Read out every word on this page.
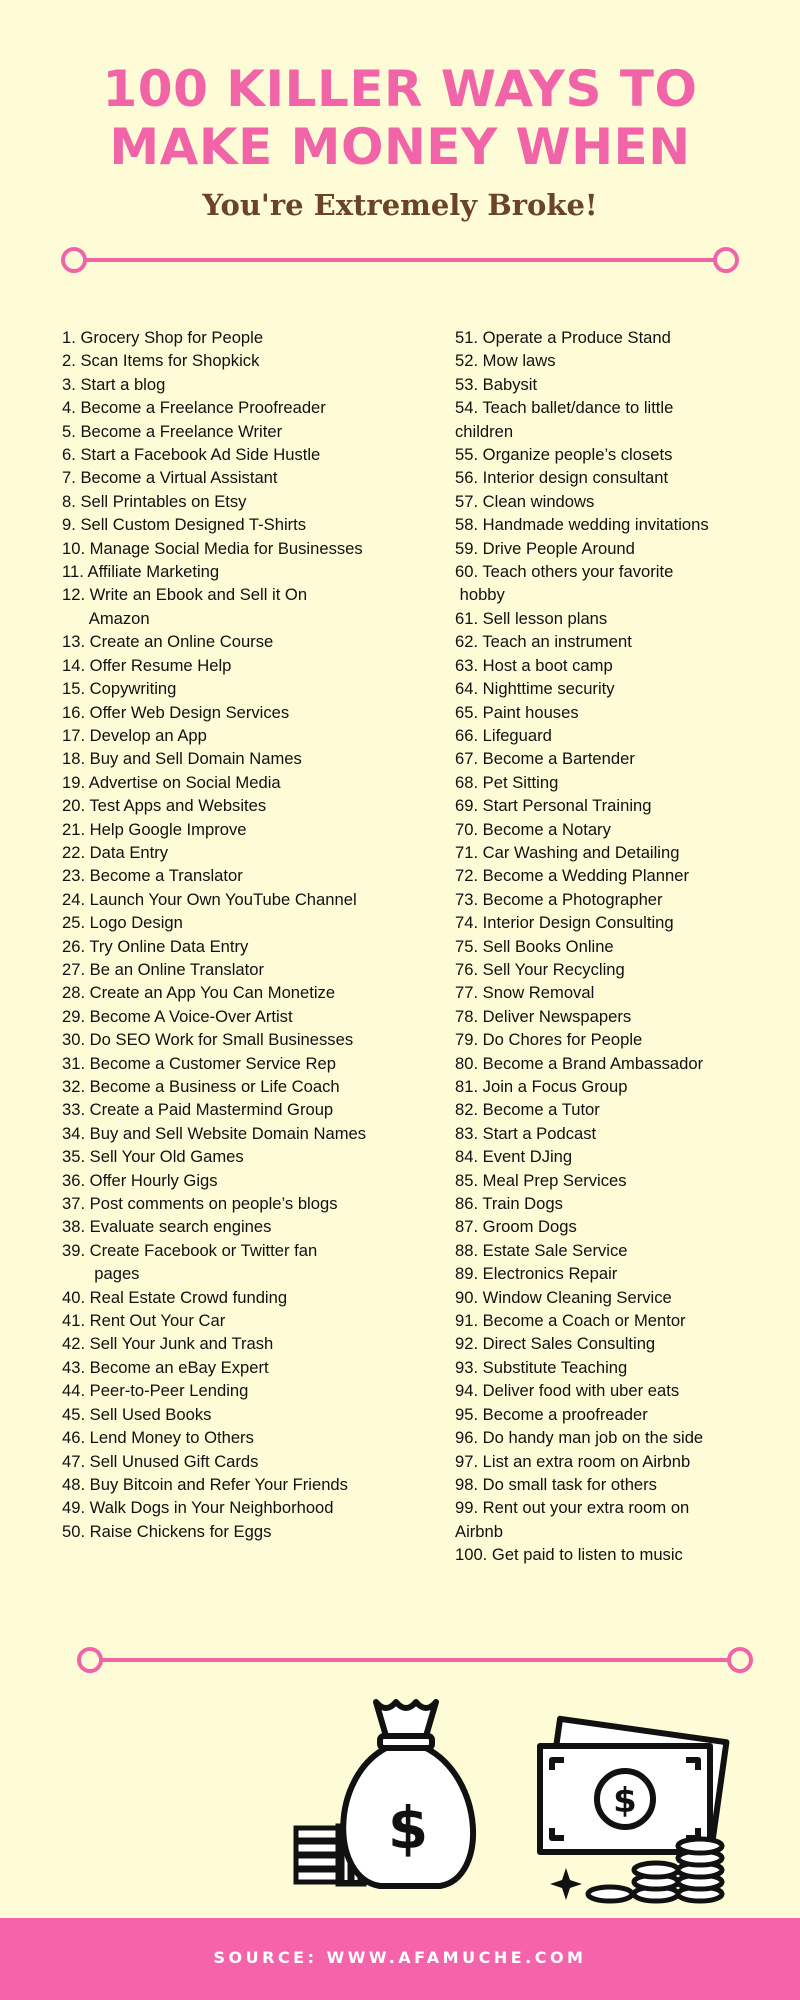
100 KILLER WAYS TO
MAKE MONEY WHEN
You're Extremely Broke!
1. Grocery Shop for People
2. Scan Items for Shopkick
3. Start a blog
4. Become a Freelance Proofreader
5. Become a Freelance Writer
6. Start a Facebook Ad Side Hustle
7. Become a Virtual Assistant
8. Sell Printables on Etsy
9. Sell Custom Designed T-Shirts
10. Manage Social Media for Businesses
11. Affiliate Marketing
12. Write an Ebook and Sell it On
Amazon
13. Create an Online Course
14. Offer Resume Help
15. Copywriting
16. Offer Web Design Services
17. Develop an App
18. Buy and Sell Domain Names
19. Advertise on Social Media
20. Test Apps and Websites
21. Help Google Improve
22. Data Entry
23. Become a Translator
24. Launch Your Own YouTube Channel
25. Logo Design
26. Try Online Data Entry
27. Be an Online Translator
28. Create an App You Can Monetize
29. Become A Voice-Over Artist
30. Do SEO Work for Small Businesses
31. Become a Customer Service Rep
32. Become a Business or Life Coach
33. Create a Paid Mastermind Group
34. Buy and Sell Website Domain Names
35. Sell Your Old Games
36. Offer Hourly Gigs
37. Post comments on people’s blogs
38. Evaluate search engines
39. Create Facebook or Twitter fan
pages
40. Real Estate Crowd funding
41. Rent Out Your Car
42. Sell Your Junk and Trash
43. Become an eBay Expert
44. Peer-to-Peer Lending
45. Sell Used Books
46. Lend Money to Others
47. Sell Unused Gift Cards
48. Buy Bitcoin and Refer Your Friends
49. Walk Dogs in Your Neighborhood
50. Raise Chickens for Eggs
51. Operate a Produce Stand
52. Mow laws
53. Babysit
54. Teach ballet/dance to little
children
55. Organize people’s closets
56. Interior design consultant
57. Clean windows
58. Handmade wedding invitations
59. Drive People Around
60. Teach others your favorite
hobby
61. Sell lesson plans
62. Teach an instrument
63. Host a boot camp
64. Nighttime security
65. Paint houses
66. Lifeguard
67. Become a Bartender
68. Pet Sitting
69. Start Personal Training
70. Become a Notary
71. Car Washing and Detailing
72. Become a Wedding Planner
73. Become a Photographer
74. Interior Design Consulting
75. Sell Books Online
76. Sell Your Recycling
77. Snow Removal
78. Deliver Newspapers
79. Do Chores for People
80. Become a Brand Ambassador
81. Join a Focus Group
82. Become a Tutor
83. Start a Podcast
84. Event DJing
85. Meal Prep Services
86. Train Dogs
87. Groom Dogs
88. Estate Sale Service
89. Electronics Repair
90. Window Cleaning Service
91. Become a Coach or Mentor
92. Direct Sales Consulting
93. Substitute Teaching
94. Deliver food with uber eats
95. Become a proofreader
96. Do handy man job on the side
97. List an extra room on Airbnb
98. Do small task for others
99. Rent out your extra room on
Airbnb
100. Get paid to listen to music
$	$
SOURCE: WWW.AFAMUCHE.COM
